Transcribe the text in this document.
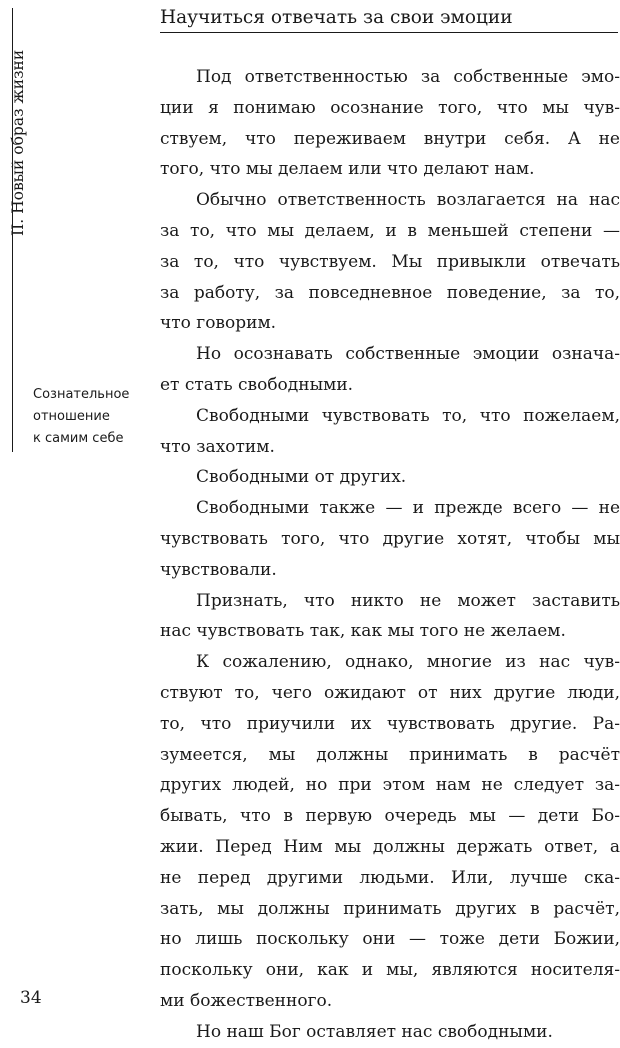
Научиться отвечать за свои эмоции
II. Новый образ жизни
Сознательное
отношение
к самим себе
Под ответственностью за собственные эмо-
ции я понимаю осознание того, что мы чув-
ствуем, что переживаем внутри себя. А не
того, что мы делаем или что делают нам.
Обычно ответственность возлагается на нас
за то, что мы делаем, и в меньшей степени —
за то, что чувствуем. Мы привыкли отвечать
за работу, за повседневное поведение, за то,
что говорим.
Но осознавать собственные эмоции означа-
ет стать свободными.
Свободными чувствовать то, что пожелаем,
что захотим.
Свободными от других.
Свободными также — и прежде всего — не
чувствовать того, что другие хотят, чтобы мы
чувствовали.
Признать, что никто не может заставить
нас чувствовать так, как мы того не желаем.
К сожалению, однако, многие из нас чув-
ствуют то, чего ожидают от них другие люди,
то, что приучили их чувствовать другие. Ра-
зумеется, мы должны принимать в расчёт
других людей, но при этом нам не следует за-
бывать, что в первую очередь мы — дети Бо-
жии. Перед Ним мы должны держать ответ, а
не перед другими людьми. Или, лучше ска-
зать, мы должны принимать других в расчёт,
но лишь поскольку они — тоже дети Божии,
поскольку они, как и мы, являются носителя-
ми божественного.
Но наш Бог оставляет нас свободными.
34
